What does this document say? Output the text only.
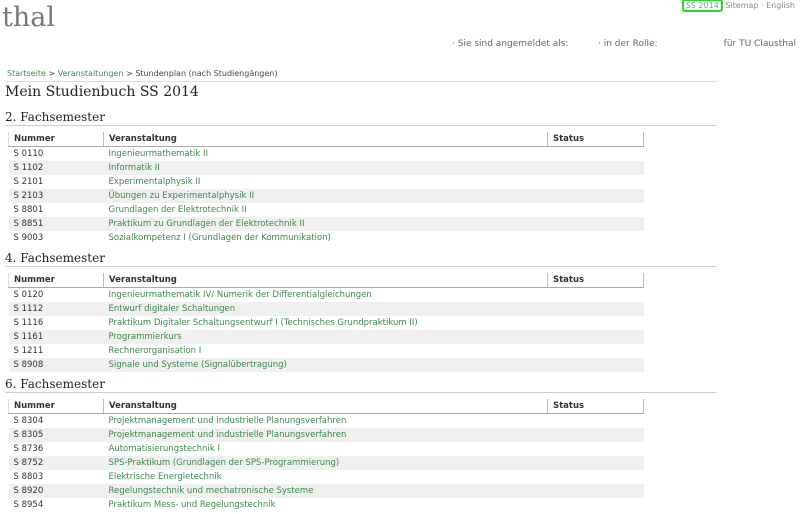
thal	SS 2014 Sitemap · English
· Sie sind angemeldet als:	· in der Rolle:	für TU Clausthal
Startseite > Veranstaltungen > Stundenplan (nach Studiengängen)
Mein Studienbuch SS 2014
2. Fachsemester
Nummer	Veranstaltung	Status
S 0110	Ingenieurmathematik II	
S 1102	Informatik II	
S 2101	Experimentalphysik II	
S 2103	Übungen zu Experimentalphysik II	
S 8801	Grundlagen der Elektrotechnik II	
S 8851	Praktikum zu Grundlagen der Elektrotechnik II	
S 9003	Sozialkompetenz I (Grundlagen der Kommunikation)	
4. Fachsemester
Nummer	Veranstaltung	Status
S 0120	Ingenieurmathematik IV/ Numerik der Differentialgleichungen	
S 1112	Entwurf digitaler Schaltungen	
S 1116	Praktikum Digitaler Schaltungsentwurf I (Technisches Grundpraktikum II)	
S 1161	Programmierkurs	
S 1211	Rechnerorganisation I	
S 8908	Signale und Systeme (Signalübertragung)	
6. Fachsemester
Nummer	Veranstaltung	Status
S 8304	Projektmanagement und industrielle Planungsverfahren	
S 8305	Projektmanagement und industrielle Planungsverfahren	
S 8736	Automatisierungstechnik I	
S 8752	SPS-Praktikum (Grundlagen der SPS-Programmierung)	
S 8803	Elektrische Energietechnik	
S 8920	Regelungstechnik und mechatronische Systeme	
S 8954	Praktikum Mess- und Regelungstechnik	
